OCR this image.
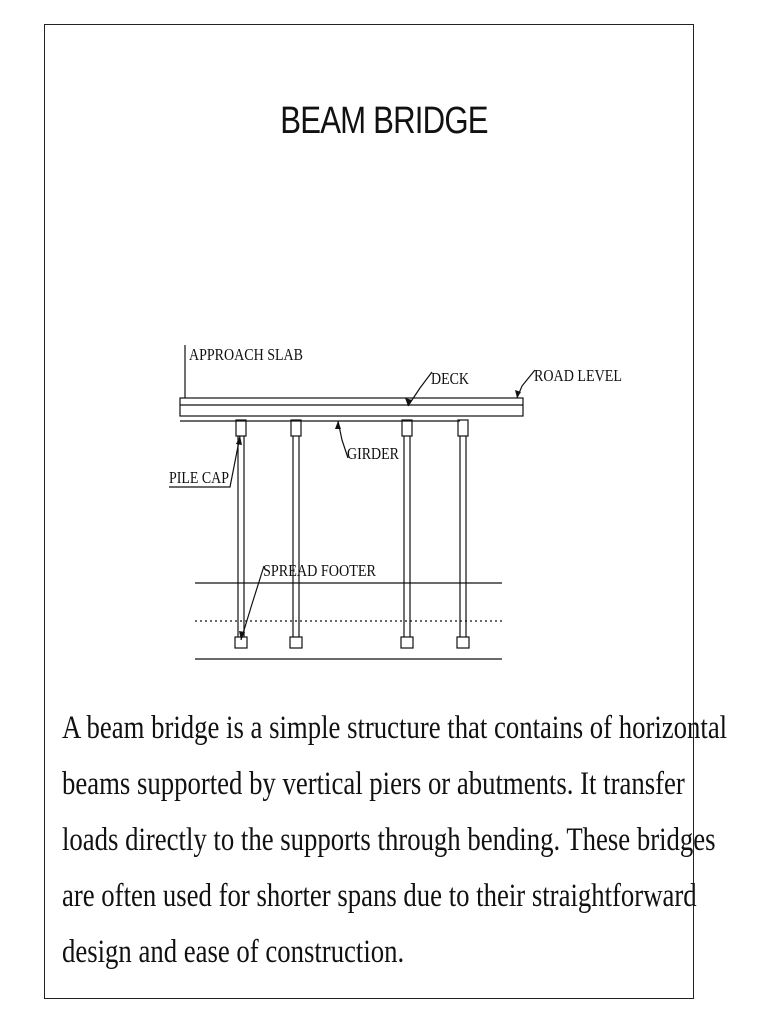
BEAM BRIDGE
APPROACH SLAB
DECK	ROAD LEVEL
GIRDER
PILE CAP
SPREAD FOOTER
A beam bridge is a simple structure that contains of horizontal
beams supported by vertical piers or abutments. It transfer
loads directly to the supports through bending. These bridges
are often used for shorter spans due to their straightforward
design and ease of construction.
